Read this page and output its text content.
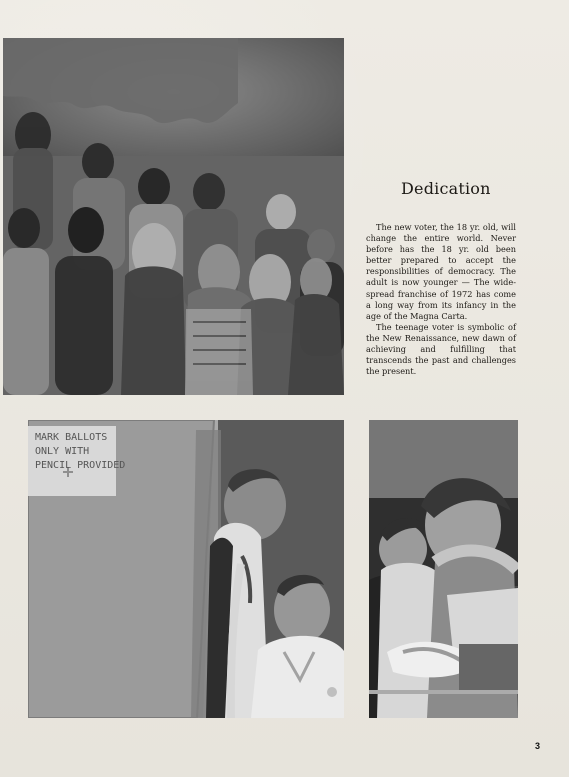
Dedication

The new voter, the 18 yr. old, will change the entire world. Never before has the 18 yr. old been better prepared to accept the responsibilities of democracy. The adult is now younger — The wide-spread franchise of 1972 has come a long way from its infancy in the age of the Magna Carta.

The teenage voter is symbolic of the New Renaissance, new dawn of achieving and fulfilling that transcends the past and challenges the present.

MARK BALLOTS
ONLY WITH
PENCIL PROVIDED
3
